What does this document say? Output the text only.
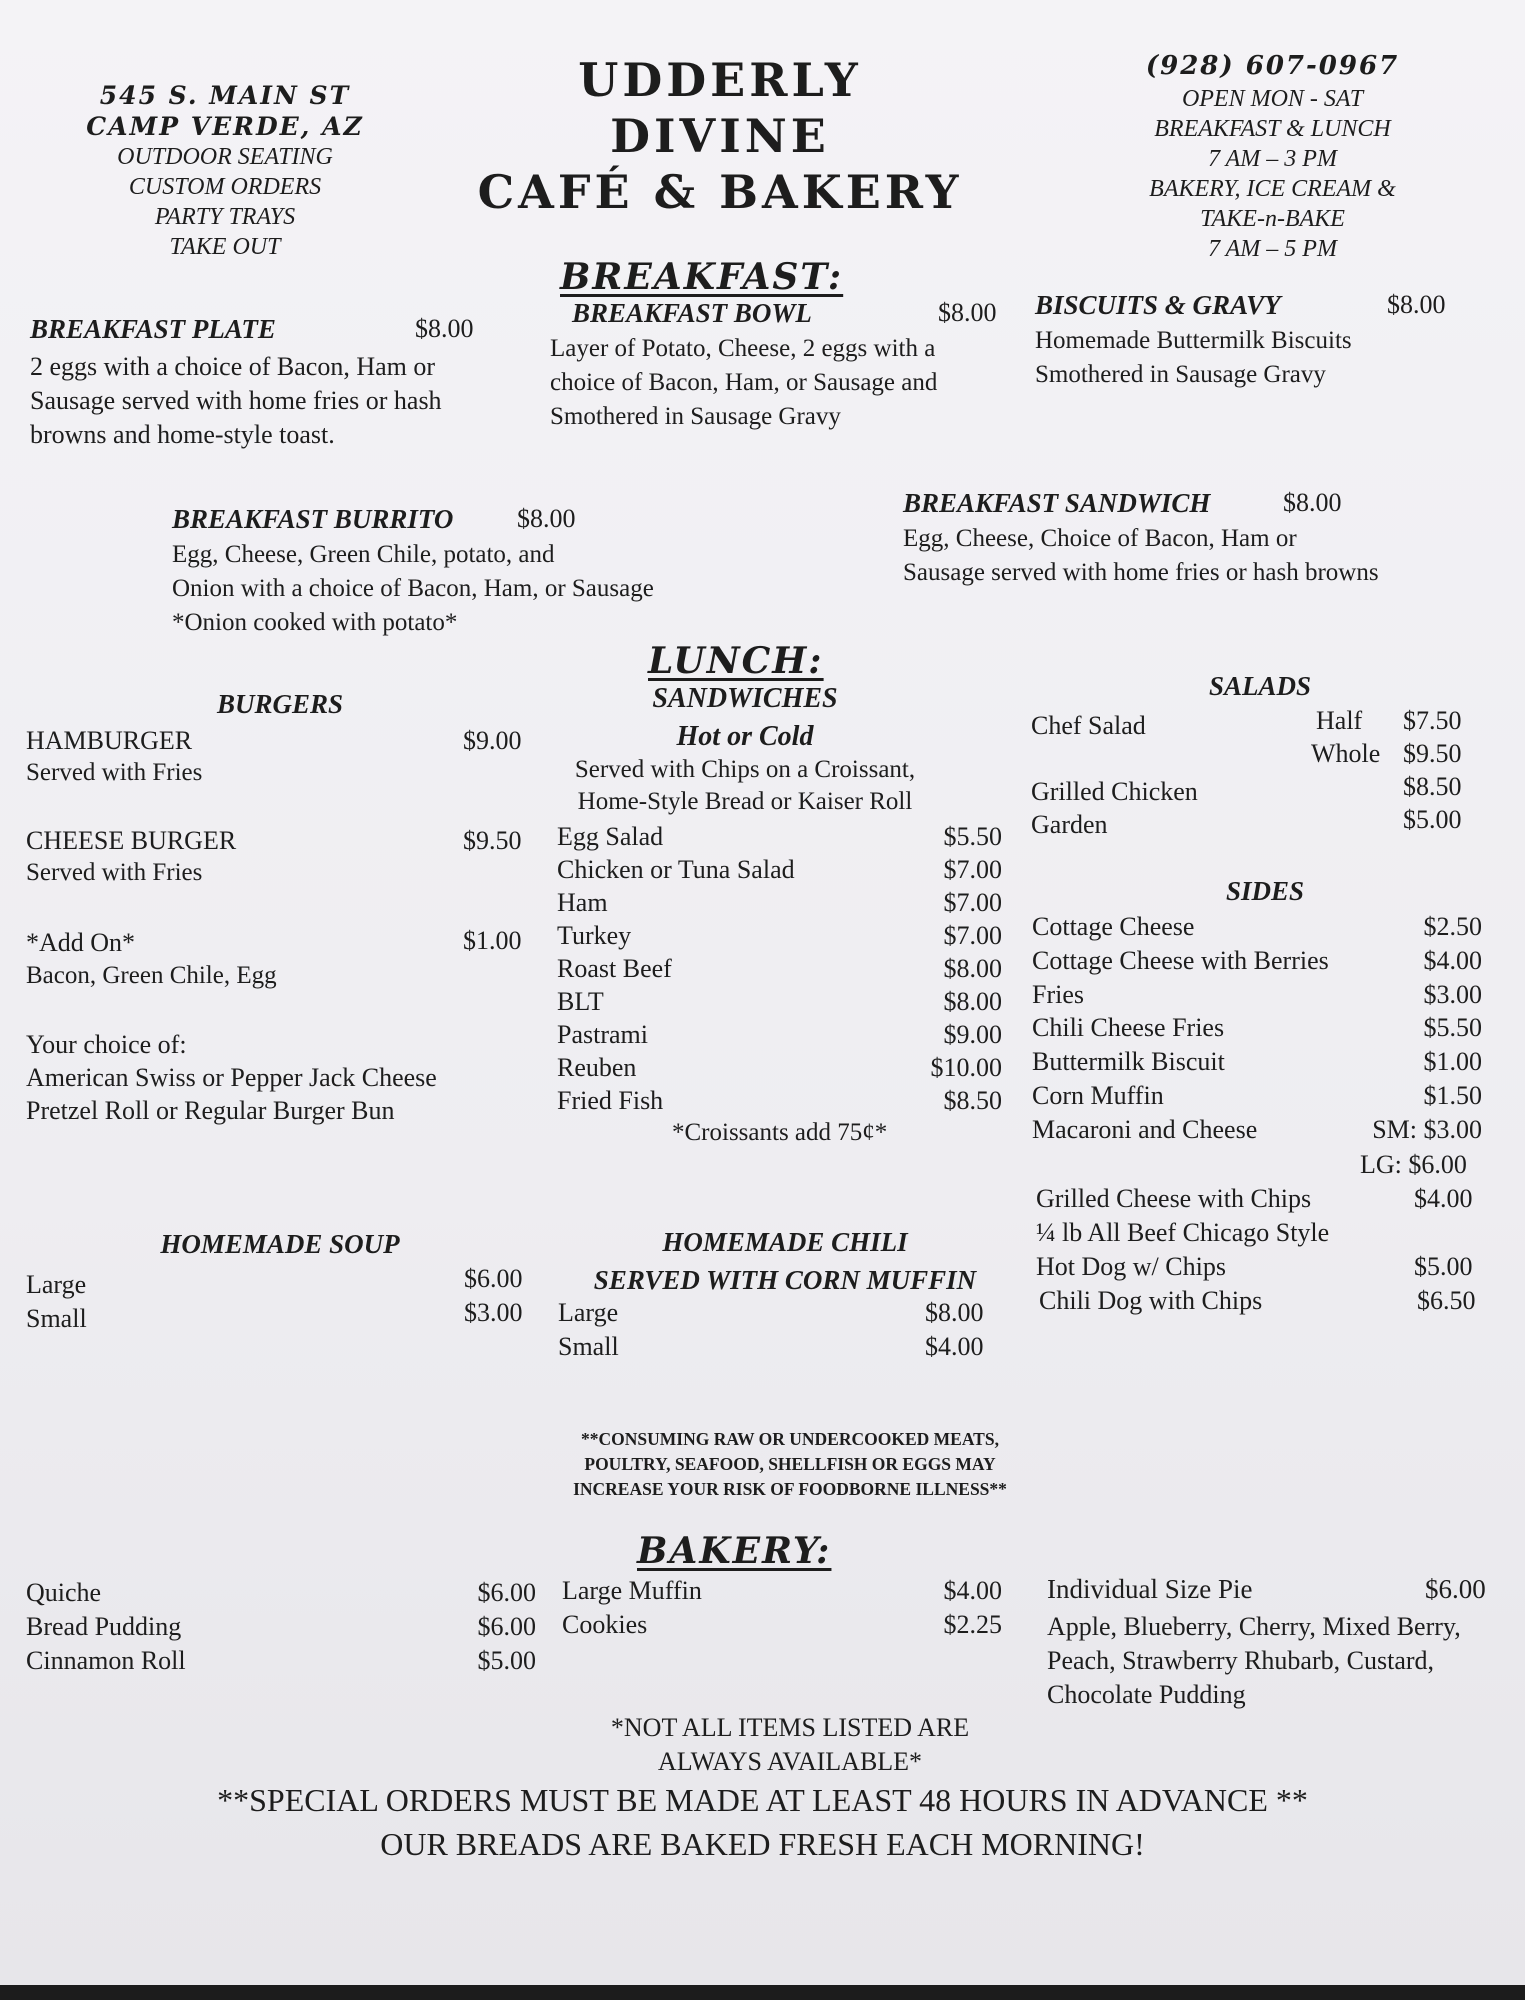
545 S. MAIN ST
CAMP VERDE, AZ
OUTDOOR SEATING
CUSTOM ORDERS
PARTY TRAYS
TAKE OUT
UDDERLY
DIVINE
CAFÉ & BAKERY
(928) 607-0967
OPEN MON - SAT
BREAKFAST & LUNCH
7 AM – 3 PM
BAKERY, ICE CREAM &
TAKE-n-BAKE
7 AM – 5 PM
BREAKFAST:
BREAKFAST PLATE	$8.00
2 eggs with a choice of Bacon, Ham or
Sausage served with home fries or hash
browns and home-style toast.
BREAKFAST BOWL	$8.00
Layer of Potato, Cheese, 2 eggs with a
choice of Bacon, Ham, or Sausage and
Smothered in Sausage Gravy
BISCUITS & GRAVY	$8.00
Homemade Buttermilk Biscuits
Smothered in Sausage Gravy
BREAKFAST BURRITO $8.00
Egg, Cheese, Green Chile, potato, and
Onion with a choice of Bacon, Ham, or Sausage
*Onion cooked with potato*
BREAKFAST SANDWICH	$8.00
Egg, Cheese, Choice of Bacon, Ham or
Sausage served with home fries or hash browns
LUNCH:
BURGERS
HAMBURGER	$9.00
Served with Fries
CHEESE BURGER	$9.50
Served with Fries
*Add On*	$1.00
Bacon, Green Chile, Egg
Your choice of:
American Swiss or Pepper Jack Cheese
Pretzel Roll or Regular Burger Bun
SANDWICHES
Hot or Cold
Served with Chips on a Croissant,
Home-Style Bread or Kaiser Roll
Egg Salad	$5.50
Chicken or Tuna Salad	$7.00
Ham	$7.00
Turkey	$7.00
Roast Beef	$8.00
BLT	$8.00
Pastrami	$9.00
Reuben	$10.00
Fried Fish	$8.50
*Croissants add 75¢*
SALADS
Chef Salad	Half $7.50
Whole $9.50
Grilled Chicken	$8.50
Garden	$5.00
SIDES
Cottage Cheese	$2.50
Cottage Cheese with Berries	$4.00
Fries	$3.00
Chili Cheese Fries	$5.50
Buttermilk Biscuit	$1.00
Corn Muffin	$1.50
Macaroni and Cheese	SM: $3.00
LG: $6.00
Grilled Cheese with Chips	$4.00
¼ lb All Beef Chicago Style
Hot Dog w/ Chips	$5.00
Chili Dog with Chips	$6.50
HOMEMADE SOUP
Large	$6.00
Small	$3.00
HOMEMADE CHILI
SERVED WITH CORN MUFFIN
Large	$8.00
Small	$4.00
**CONSUMING RAW OR UNDERCOOKED MEATS,
POULTRY, SEAFOOD, SHELLFISH OR EGGS MAY
INCREASE YOUR RISK OF FOODBORNE ILLNESS**
BAKERY:
Quiche	$6.00
Bread Pudding	$6.00
Cinnamon Roll	$5.00
Large Muffin	$4.00
Cookies	$2.25
Individual Size Pie	$6.00
Apple, Blueberry, Cherry, Mixed Berry,
Peach, Strawberry Rhubarb, Custard,
Chocolate Pudding
*NOT ALL ITEMS LISTED ARE
ALWAYS AVAILABLE*
**SPECIAL ORDERS MUST BE MADE AT LEAST 48 HOURS IN ADVANCE **
OUR BREADS ARE BAKED FRESH EACH MORNING!
